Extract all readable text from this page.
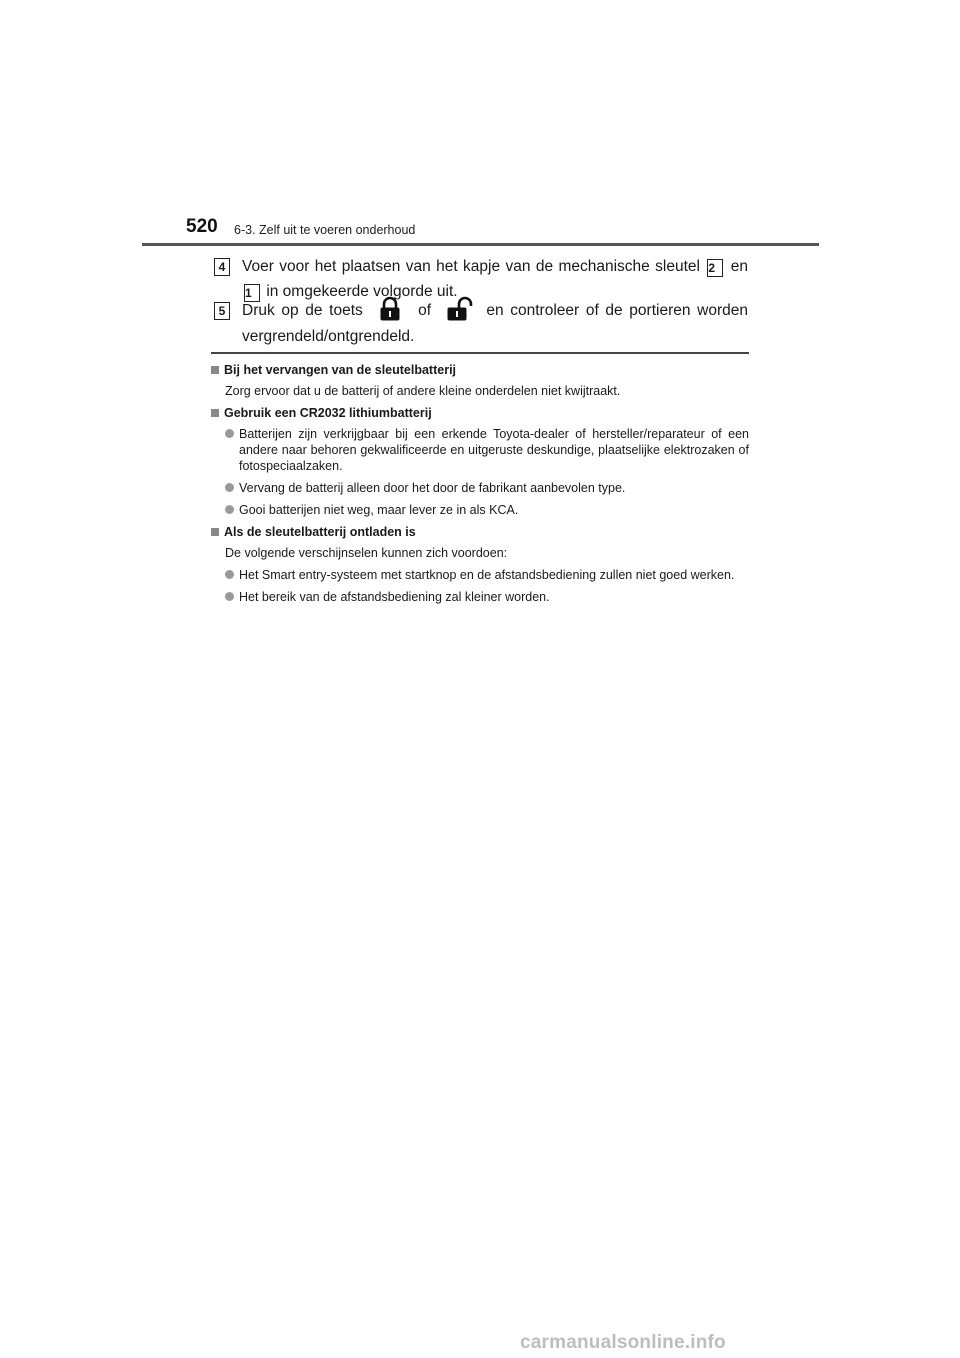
520 6-3. Zelf uit te voeren onderhoud
4	Voer voor het plaatsen van het kapje van de mechanische sleutel 2 en 1 in omgekeerde volgorde uit.
5	Druk op de toets	of	en controleer of de portieren worden vergrendeld/ontgrendeld.
Bij het vervangen van de sleutelbatterij
Zorg ervoor dat u de batterij of andere kleine onderdelen niet kwijtraakt.
Gebruik een CR2032 lithiumbatterij
Batterijen zijn verkrijgbaar bij een erkende Toyota-dealer of hersteller/reparateur of een andere naar behoren gekwalificeerde en uitgeruste deskundige, plaatselijke elektrozaken of fotospeciaalzaken.
Vervang de batterij alleen door het door de fabrikant aanbevolen type.
Gooi batterijen niet weg, maar lever ze in als KCA.
Als de sleutelbatterij ontladen is
De volgende verschijnselen kunnen zich voordoen:
Het Smart entry-systeem met startknop en de afstandsbediening zullen niet goed werken.
Het bereik van de afstandsbediening zal kleiner worden.
carmanualsonline.info
